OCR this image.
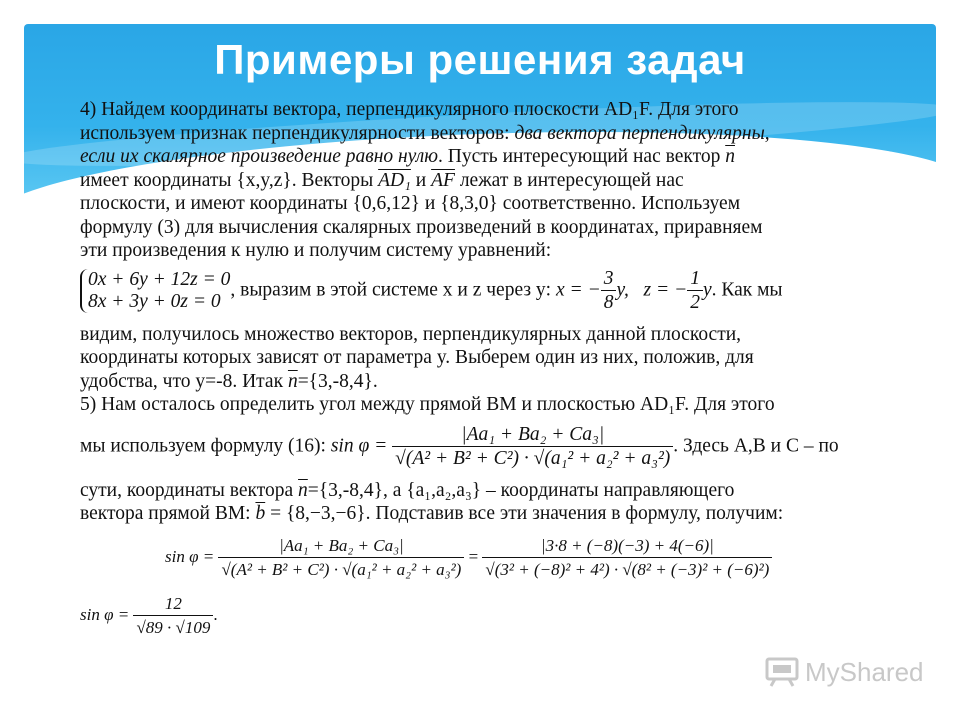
Примеры решения задач

4) Найдем координаты вектора, перпендикулярного плоскости AD₁F. Для этого

используем признак перпендикулярности векторов: два вектора перпендикулярны,

если их скалярное произведение равно нулю. Пусть интересующий нас вектор $\overline{n}$

имеет координаты {x,y,z}. Векторы AD₁ и $\overline{AF}$ лежат в интересующей нас

плоскости, и имеют координаты {0,6,12} и {8,3,0} соответственно. Используем

формулу (3) для вычисления скалярных произведений в координатах, приравняем

эти произведения к нулю и получим систему уравнений:

0x + 6y + 12z = 0
8x + 3y + 0z = 0
, выразим в этой системе x и z через y: x = − $\frac{3}{8} y$, z = − $\frac{1}{2} y$. Как мы

видим, получилось множество векторов, перпендикулярных данной плоскости,

координаты которых зависят от параметра y. Выберем один из них, положив, для

удобства, что y=-8. Итак $\overline{n}=\{3,-8,4\}$.

5) Нам осталось определить угол между прямой BM и плоскостью AD₁F. Для этого

мы используем формулу (16): $\sin \varphi = \frac{\text{|Aa₁ + Ba₂ + Ca₃|}}{\text{√(A² + B² + C²) · √(a₁² + a₂² + a₃²)}}$ . Здесь A,B и C – по

сути, координаты вектора $\overline{n}=\{3,-8,4\}$, а {a₁,a₂,a₃} – координаты направляющего

вектора прямой BM: $\overline{b} = \{8,-3,-6\}$. Подставив все эти значения в формулу, получим:

$\sin \varphi = \frac{\text{|Aa₁ + Ba₂ + Ca₃|}}{\text{√(A² + B² + C²) · √(a₁² + a₂² + a₃²)}} = \frac{|3\cdot 8 + (-8)(-3) + 4(-6)|}{\text{√(3² + (−8)² + 4²) · √(8² + (−3)² + (−6)²)}}$

$\sin \varphi = \frac{12}{√89 \cdot √109}$ .

MyShared
